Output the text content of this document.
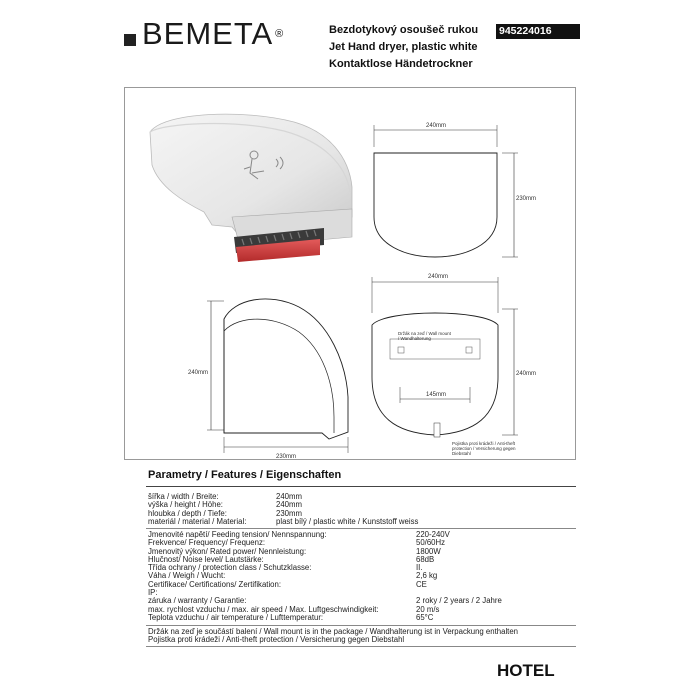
BEMETA ®	Bezdotykový osoušeč rukou
Jet Hand dryer, plastic white
Kontaktlose Händetrockner
945224016
240mm
230mm
240mm
230mm
240mm
Držák na zeď / Wall mount
/ Wandhalterung
145mm
240mm
Pojistka proti krádeži / Anti-theft
protection / Versicherung gegen
Diebstahl
Parametry / Features / Eigenschaften
šířka / width / Breite:	240mm
výška / height / Höhe:	240mm
hloubka / depth / Tiefe:	230mm
materiál / material / Material:	plast bílý / plastic white / Kunststoff weiss
Jmenovité napětí/ Feeding tension/ Nennspannung:	220-240V
Frekvence/ Frequency/ Frequenz:	50/60Hz
Jmenovitý výkon/ Rated power/ Nennleistung:	1800W
Hlučnost/ Noise level/ Lautstärke:	68dB
Třída ochrany / protection class / Schutzklasse:	II.
Váha / Weigh / Wucht:	2,6 kg
Certifikace/ Certifications/ Zertifikation:	CE
IP:
záruka / warranty / Garantie:	2 roky / 2 years / 2 Jahre
max. rychlost vzduchu / max. air speed / Max. Luftgeschwindigkeit:	20 m/s
Teplota vzduchu / air temperature / Lufttemperatur:	65°C
Držák na zeď je součástí balení / Wall mount is in the package / Wandhalterung ist in Verpackung enthalten
Pojistka proti krádeži / Anti-theft protection / Versicherung gegen Diebstahl
HOTEL
